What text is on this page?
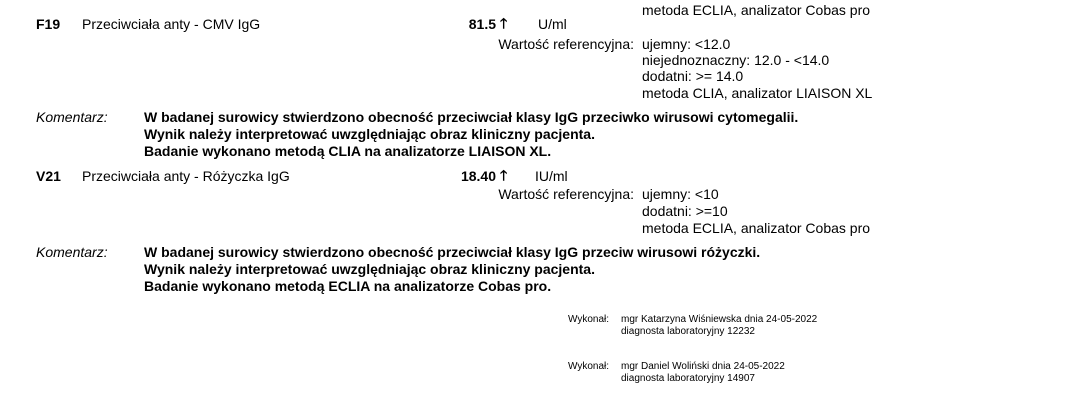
metoda ECLIA, analizator Cobas pro
F19 Przeciwciała anty - CMV IgG	81.5 🡑 U/ml
Wartość referencyjna: ujemny: <12.0
niejednoznaczny: 12.0 - <14.0
dodatni: >= 14.0
metoda CLIA, analizator LIAISON XL
Komentarz:	W badanej surowicy stwierdzono obecność przeciwciał klasy IgG przeciwko wirusowi cytomegalii.
Wynik należy interpretować uwzględniając obraz kliniczny pacjenta.
Badanie wykonano metodą CLIA na analizatorze LIAISON XL.
V21 Przeciwciała anty - Różyczka IgG	18.40 🡑 IU/ml
Wartość referencyjna: ujemny: <10
dodatni: >=10
metoda ECLIA, analizator Cobas pro
Komentarz:	W badanej surowicy stwierdzono obecność przeciwciał klasy IgG przeciw wirusowi różyczki.
Wynik należy interpretować uwzględniając obraz kliniczny pacjenta.
Badanie wykonano metodą ECLIA na analizatorze Cobas pro.
Wykonał: mgr Katarzyna Wiśniewska dnia 24-05-2022
diagnosta laboratoryjny 12232
Wykonał: mgr Daniel Woliński dnia 24-05-2022
diagnosta laboratoryjny 14907
